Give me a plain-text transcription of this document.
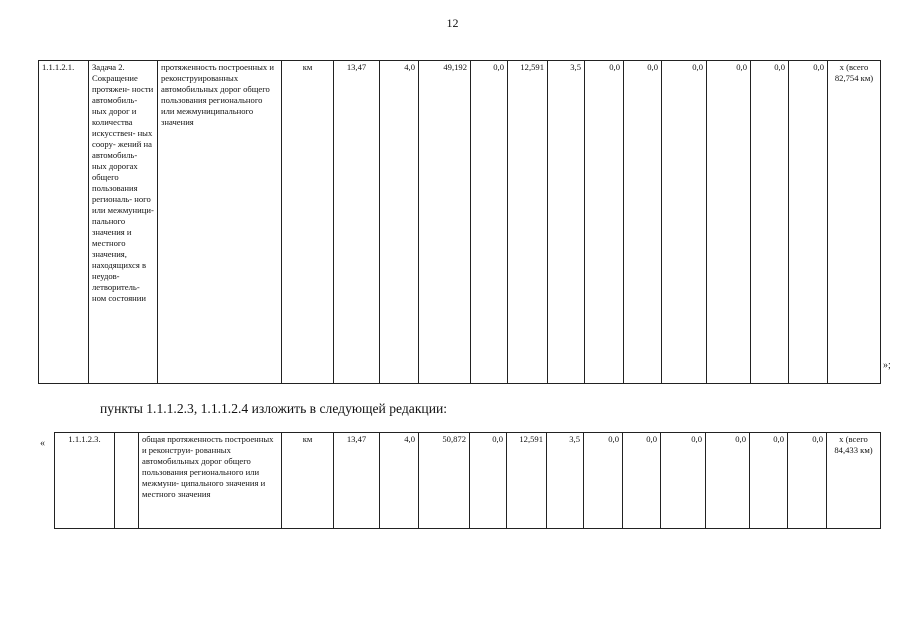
12
1.1.1.2.1.	Задача 2. Сокращение протяжен- ности автомобиль- ных дорог и количества искусствен- ных соору- жений на автомобиль- ных дорогах общего пользования региональ- ного или межмуници- пального значения и местного значения, находящихся в неудов- летворитель- ном состоянии	протяженность построенных и реконструированных автомобильных дорог общего пользования регионального или межмуниципального значения	км	13,47	4,0	49,192	0,0	12,591	3,5	0,0	0,0	0,0	0,0	0,0	0,0	х (всего 82,754 км)
»;
пункты 1.1.1.2.3, 1.1.1.2.4 изложить в следующей редакции:
«	1.1.1.2.3.		общая протяженность построенных и реконструи- рованных автомобильных дорог общего пользования регионального или межмуни- ципального значения и местного значения	км	13,47	4,0	50,872	0,0	12,591	3,5	0,0	0,0	0,0	0,0	0,0	0,0	х (всего 84,433 км)
